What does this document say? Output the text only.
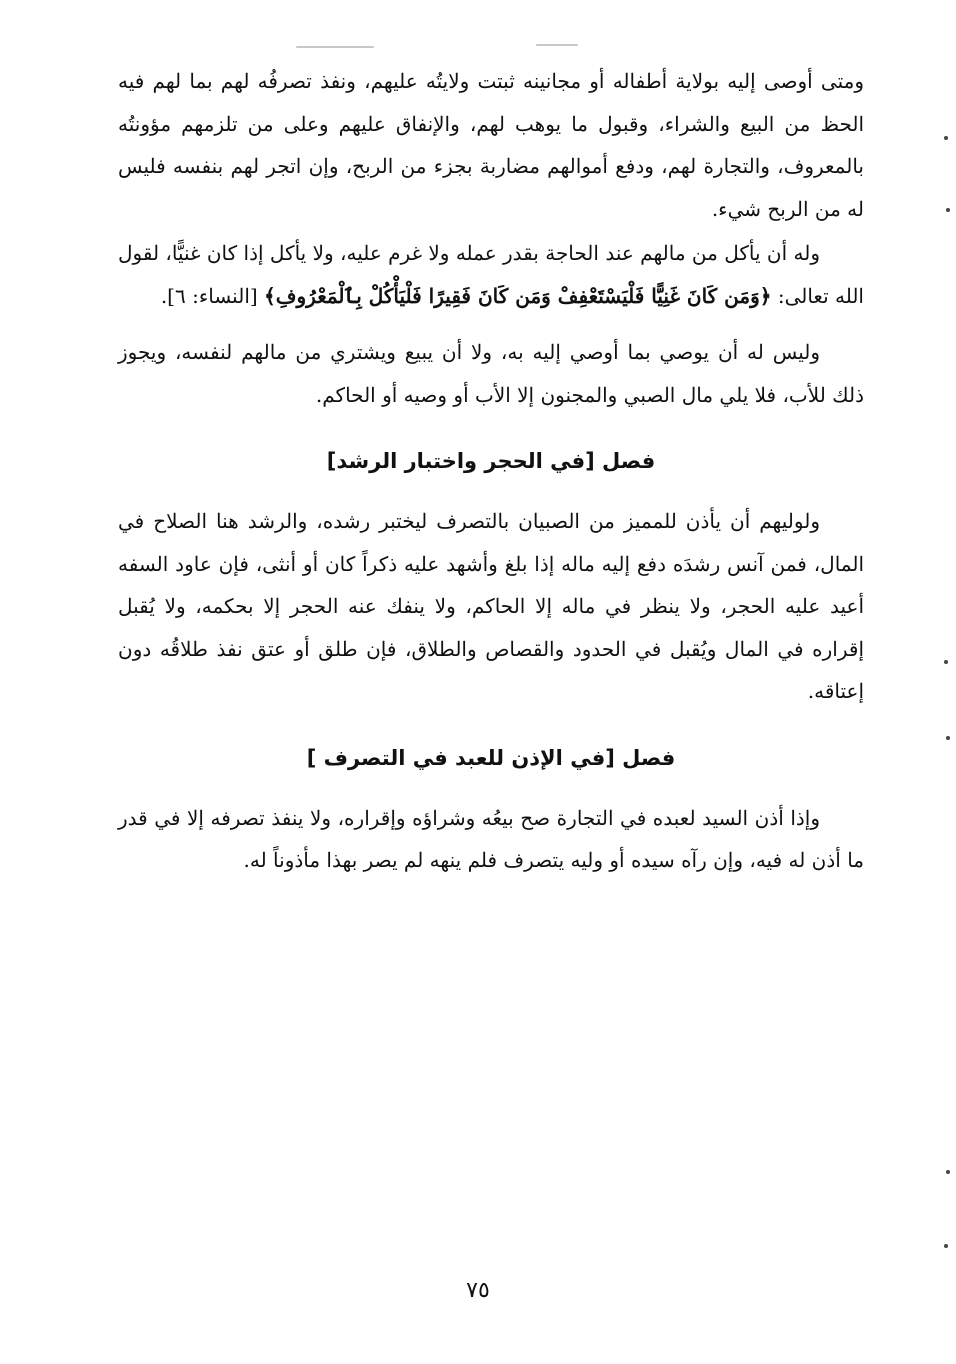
ومتى أوصى إليه بولاية أطفاله أو مجانينه ثبتت ولايتُه عليهم، ونفذ تصرفُه لهم بما لهم فيه الحظ من البيع والشراء، وقبول ما يوهب لهم، والإنفاق عليهم وعلى من تلزمهم مؤونتُه بالمعروف، والتجارة لهم، ودفع أموالهم مضاربة بجزء من الربح، وإن اتجر لهم بنفسه فليس له من الربح شيء.

وله أن يأكل من مالهم عند الحاجة بقدر عمله ولا غرم عليه، ولا يأكل إذا كان غنيًّا، لقول الله تعالى: ﴿وَمَن كَانَ غَنِيًّا فَلْيَسْتَعْفِفْ وَمَن كَانَ فَقِيرًا فَلْيَأْكُلْ بِٱلْمَعْرُوفِ﴾ [النساء: ٦].

وليس له أن يوصي بما أوصي إليه به، ولا أن يبيع ويشتري من مالهم لنفسه، ويجوز ذلك للأب، فلا يلي مال الصبي والمجنون إلا الأب أو وصيه أو الحاكم.

فصل [في الحجر واختبار الرشد]

ولوليهم أن يأذن للمميز من الصبيان بالتصرف ليختبر رشده، والرشد هنا الصلاح في المال، فمن آنس رشدَه دفع إليه ماله إذا بلغ وأشهد عليه ذكراً كان أو أنثى، فإن عاود السفه أعيد عليه الحجر، ولا ينظر في ماله إلا الحاكم، ولا ينفك عنه الحجر إلا بحكمه، ولا يُقبل إقراره في المال ويُقبل في الحدود والقصاص والطلاق، فإن طلق أو عتق نفذ طلاقُه دون إعتاقه.

فصل [في الإذن للعبد في التصرف ]

وإذا أذن السيد لعبده في التجارة صح بيعُه وشراؤه وإقراره، ولا ينفذ تصرفه إلا في قدر ما أذن له فيه، وإن رآه سيده أو وليه يتصرف فلم ينهه لم يصر بهذا مأذوناً له.

٧٥
